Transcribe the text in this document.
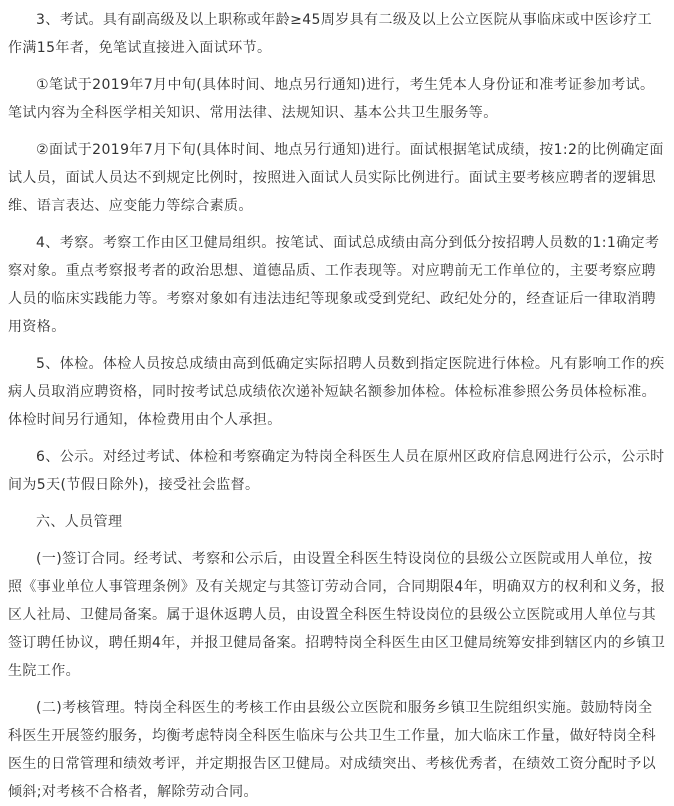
3、考试。具有副高级及以上职称或年龄≥45周岁具有二级及以上公立医院从事临床或中医诊疗工作满15年者，免笔试直接进入面试环节。

①笔试于2019年7月中旬(具体时间、地点另行通知)进行，考生凭本人身份证和准考证参加考试。笔试内容为全科医学相关知识、常用法律、法规知识、基本公共卫生服务等。

②面试于2019年7月下旬(具体时间、地点另行通知)进行。面试根据笔试成绩，按1:2的比例确定面试人员，面试人员达不到规定比例时，按照进入面试人员实际比例进行。面试主要考核应聘者的逻辑思维、语言表达、应变能力等综合素质。

4、考察。考察工作由区卫健局组织。按笔试、面试总成绩由高分到低分按招聘人员数的1:1确定考察对象。重点考察报考者的政治思想、道德品质、工作表现等。对应聘前无工作单位的，主要考察应聘人员的临床实践能力等。考察对象如有违法违纪等现象或受到党纪、政纪处分的，经查证后一律取消聘用资格。

5、体检。体检人员按总成绩由高到低确定实际招聘人员数到指定医院进行体检。凡有影响工作的疾病人员取消应聘资格，同时按考试总成绩依次递补短缺名额参加体检。体检标准参照公务员体检标准。体检时间另行通知，体检费用由个人承担。

6、公示。对经过考试、体检和考察确定为特岗全科医生人员在原州区政府信息网进行公示，公示时间为5天(节假日除外)，接受社会监督。

六、人员管理

(一)签订合同。经考试、考察和公示后，由设置全科医生特设岗位的县级公立医院或用人单位，按照《事业单位人事管理条例》及有关规定与其签订劳动合同，合同期限4年，明确双方的权利和义务，报区人社局、卫健局备案。属于退休返聘人员，由设置全科医生特设岗位的县级公立医院或用人单位与其签订聘任协议，聘任期4年，并报卫健局备案。招聘特岗全科医生由区卫健局统筹安排到辖区内的乡镇卫生院工作。

(二)考核管理。特岗全科医生的考核工作由县级公立医院和服务乡镇卫生院组织实施。鼓励特岗全科医生开展签约服务，均衡考虑特岗全科医生临床与公共卫生工作量，加大临床工作量，做好特岗全科医生的日常管理和绩效考评，并定期报告区卫健局。对成绩突出、考核优秀者，在绩效工资分配时予以倾斜;对考核不合格者，解除劳动合同。
